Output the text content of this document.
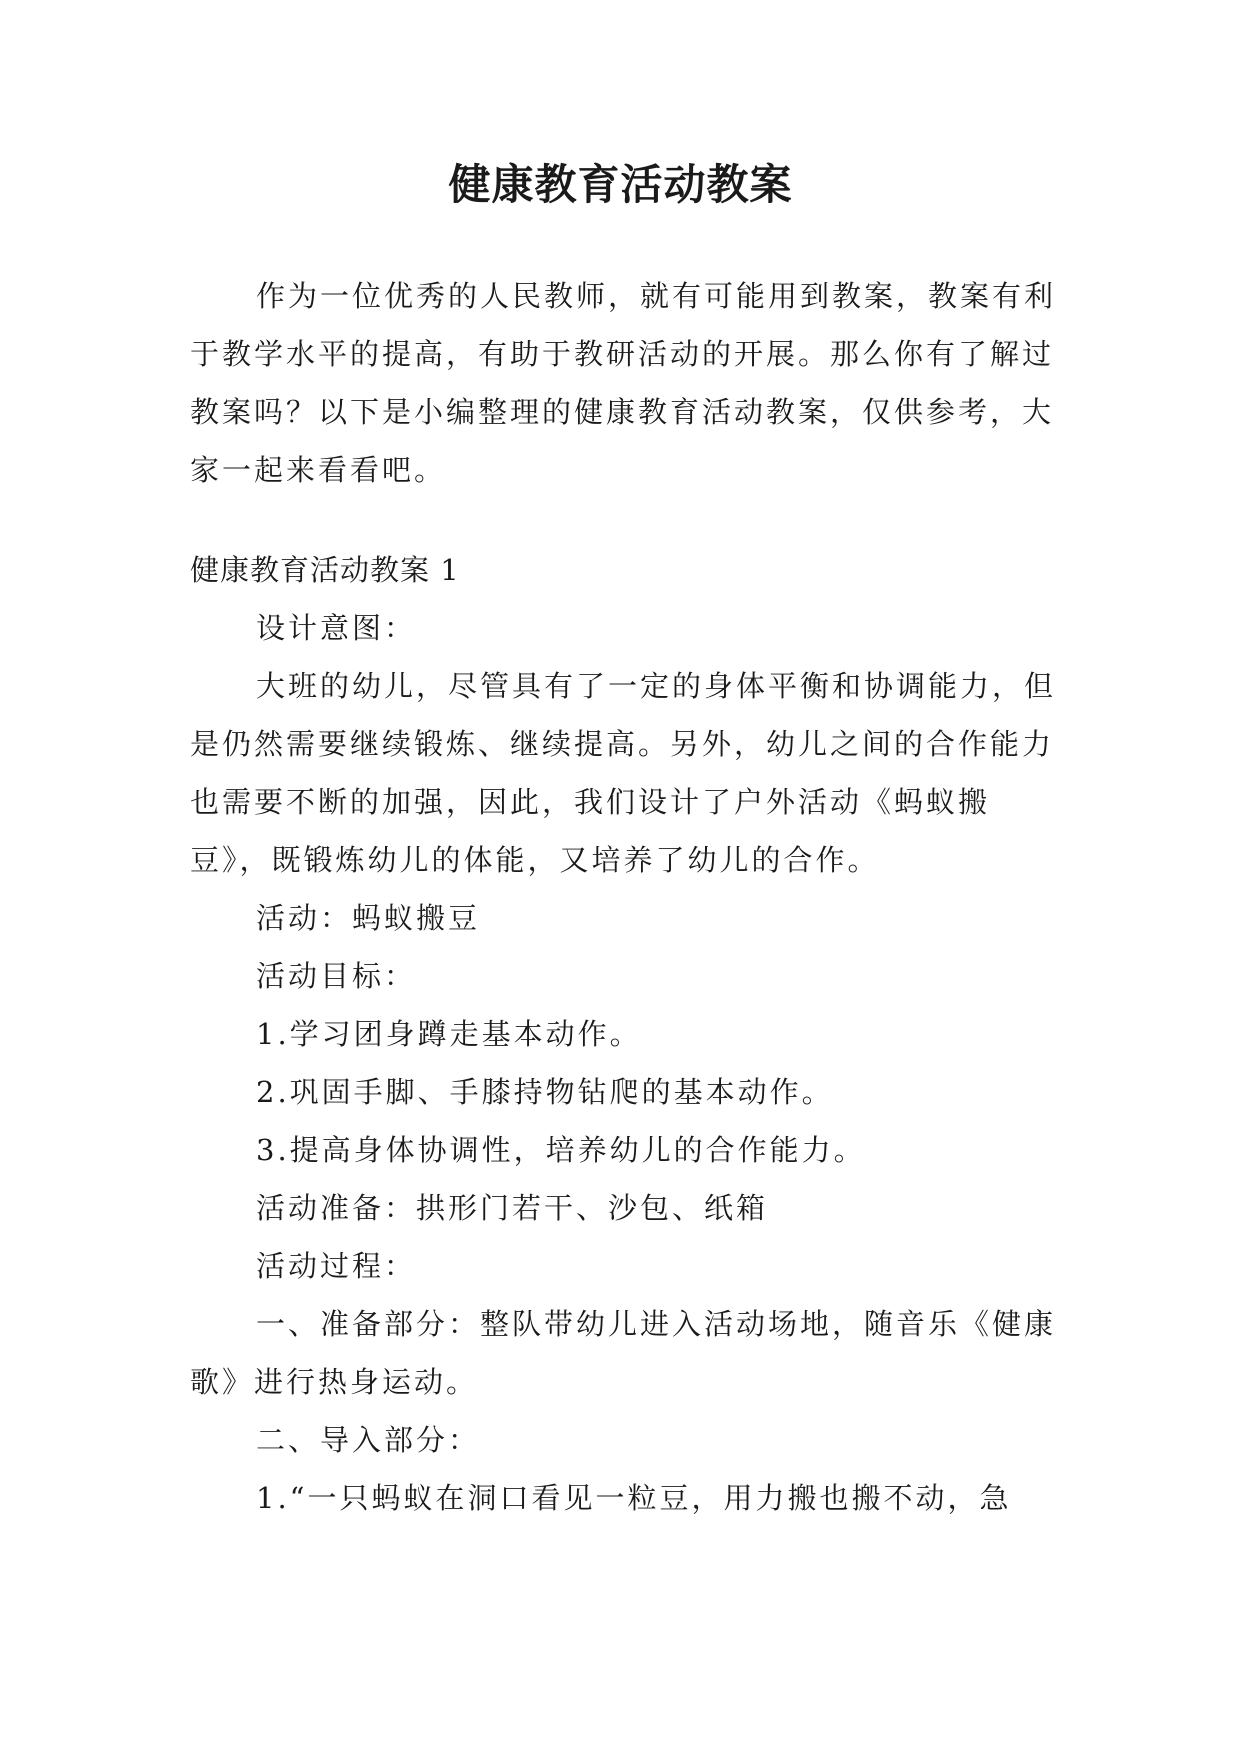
健康教育活动教案

作为一位优秀的人民教师，就有可能用到教案，教案有利于教学水平的提高，有助于教研活动的开展。那么你有了解过教案吗？以下是小编整理的健康教育活动教案，仅供参考，大家一起来看看吧。

健康教育活动教案 1

设计意图：

大班的幼儿，尽管具有了一定的身体平衡和协调能力，但是仍然需要继续锻炼、继续提高。另外，幼儿之间的合作能力也需要不断的加强，因此，我们设计了户外活动《蚂蚁搬豆》，既锻炼幼儿的体能，又培养了幼儿的合作。

活动：蚂蚁搬豆

活动目标：

1.学习团身蹲走基本动作。

2.巩固手脚、手膝持物钻爬的基本动作。

3.提高身体协调性，培养幼儿的合作能力。

活动准备：拱形门若干、沙包、纸箱

活动过程：

一、准备部分：整队带幼儿进入活动场地，随音乐《健康歌》进行热身运动。

二、导入部分：

1.“一只蚂蚁在洞口看见一粒豆，用力搬也搬不动，急
